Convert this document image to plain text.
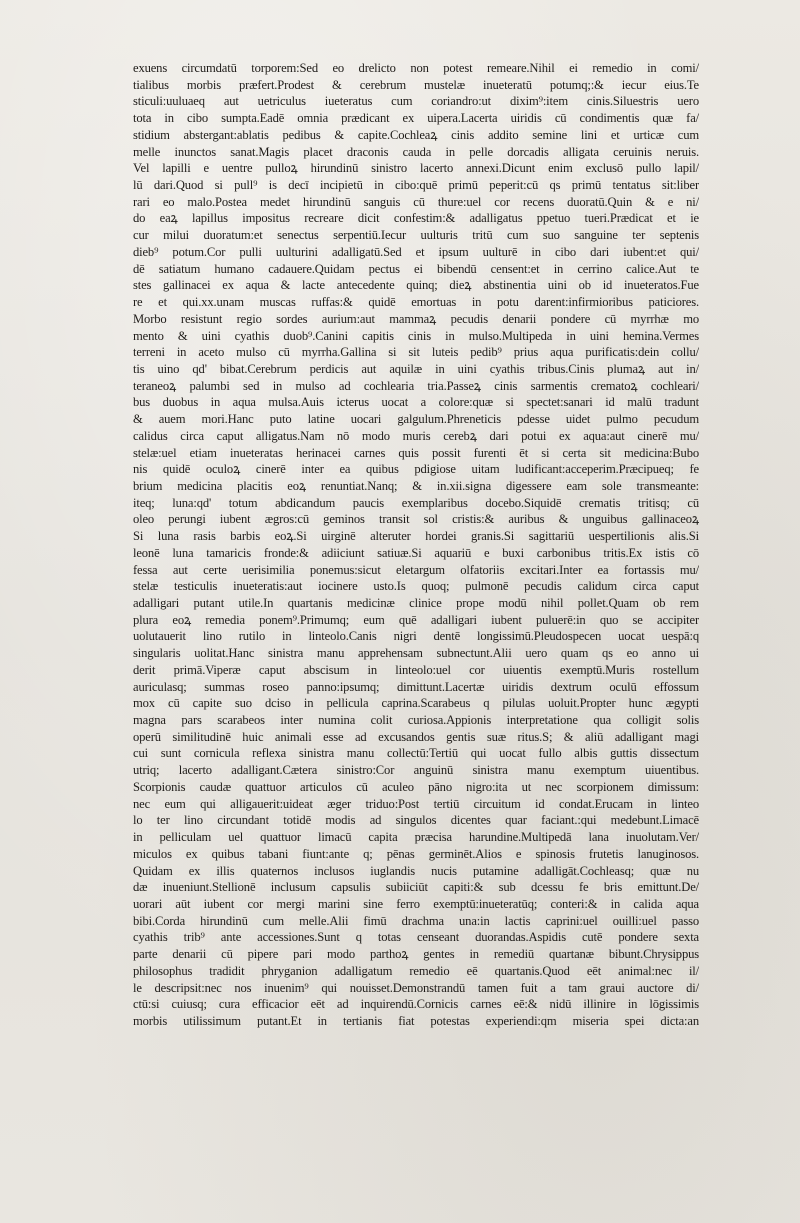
exuens circumdatū torporem:Sed eo drelicto non potest remeare.Nihil ei remedio in comi/
tialibus morbis præfert.Prodest & cerebrum mustelæ inueteratū potumq;:& iecur eius.Te
sticuli:uuluaeq aut uetriculus iueteratus cum coriandro:ut dixim⁹:item cinis.Siluestris uero
tota in cibo sumpta.Eadē omnia prædicant ex uipera.Lacerta uiridis cū condimentis quæ fa/
stidium abstergant:ablatis pedibus & capite.Cochleaꝝ cinis addito semine lini et urticæ cum
melle inunctos sanat.Magis placet draconis cauda in pelle dorcadis alligata ceruinis neruis.
Vel lapilli e uentre pulloꝝ hirundinū sinistro lacerto annexi.Dicunt enim exclusō pullo lapil/
lū dari.Quod si pull⁹ is decī incipietū in cibo:quē primū peperit:cū qs primū tentatus sit:liber
rari eo malo.Postea medet hirundinū sanguis cū thure:uel cor recens duoratū.Quin & e ni/
do eaꝝ lapillus impositus recreare dicit confestim:& adalligatus ppetuo tueri.Prædicat et ie
cur milui duoratum:et senectus serpentiū.Iecur uulturis tritū cum suo sanguine ter septenis
dieb⁹ potum.Cor pulli uulturini adalligatū.Sed et ipsum uulturē in cibo dari iubent:et qui/
dē satiatum humano cadauere.Quidam pectus ei bibendū censent:et in cerrino calice.Aut te
stes gallinacei ex aqua & lacte antecedente quinq; dieꝝ abstinentia uini ob id inueteratos.Fue
re et qui.xx.unam muscas ruffas:& quidē emortuas in potu darent:infirmioribus paticiores.
Morbo resistunt regio sordes aurium:aut mammaꝝ pecudis denarii pondere cū myrrhæ mo
mento & uini cyathis duob⁹.Canini capitis cinis in mulso.Multipeda in uini hemina.Vermes
terreni in aceto mulso cū myrrha.Gallina si sit luteis pedib⁹ prius aqua purificatis:dein collu/
tis uino qd' bibat.Cerebrum perdicis aut aquilæ in uini cyathis tribus.Cinis plumaꝝ aut in/
teraneoꝝ palumbi sed in mulso ad cochlearia tria.Passeꝝ cinis sarmentis crematoꝝ cochleari/
bus duobus in aqua mulsa.Auis icterus uocat a colore:quæ si spectet:sanari id malū tradunt
& auem mori.Hanc puto latine uocari galgulum.Phreneticis pdesse uidet pulmo pecudum
calidus circa caput alligatus.Nam nō modo muris cerebꝝ dari potui ex aqua:aut cinerē mu/
stelæ:uel etiam inueteratas herinacei carnes quis possit furenti ēt si certa sit medicina:Bubo
nis quidē oculoꝝ cinerē inter ea quibus pdigiose uitam ludificant:acceperim.Præcipueq; fe
brium medicina placitis eoꝝ renuntiat.Nanq; & in.xii.signa digessere eam sole transmeante:
iteq; luna:qd' totum abdicandum paucis exemplaribus docebo.Siquidē crematis tritisq; cū
oleo perungi iubent ægros:cū geminos transit sol cristis:& auribus & unguibus gallinaceoꝝ
Si luna rasis barbis eoꝝ.Si uirginē alteruter hordei granis.Si sagittariū uespertilionis alis.Si
leonē luna tamaricis fronde:& adiiciunt satiuæ.Si aquariū e buxi carbonibus tritis.Ex istis cō
fessa aut certe uerisimilia ponemus:sicut eletargum olfatoriis excitari.Inter ea fortassis mu/
stelæ testiculis inueteratis:aut iocinere usto.Is quoq; pulmonē pecudis calidum circa caput
adalligari putant utile.In quartanis medicinæ clinice prope modū nihil pollet.Quam ob rem
plura eoꝝ remedia ponem⁹.Primumq; eum quē adalligari iubent puluerē:in quo se accipiter
uolutauerit lino rutilo in linteolo.Canis nigri dentē longissimū.Pleudospecen uocat uespā:q
singularis uolitat.Hanc sinistra manu apprehensam subnectunt.Alii uero quam qs eo anno ui
derit primā.Viperæ caput abscisum in linteolo:uel cor uiuentis exemptū.Muris rostellum
auriculasq; summas roseo panno:ipsumq; dimittunt.Lacertæ uiridis dextrum oculū effossum
mox cū capite suo dciso in pellicula caprina.Scarabeus q pilulas uoluit.Propter hunc ægypti
magna pars scarabeos inter numina colit curiosa.Appionis interpretatione qua colligit solis
operū similitudinē huic animali esse ad excusandos gentis suæ ritus.S; & aliū adalligant magi
cui sunt cornicula reflexa sinistra manu collectū:Tertiū qui uocat fullo albis guttis dissectum
utriq; lacerto adalligant.Cætera sinistro:Cor anguinū sinistra manu exemptum uiuentibus.
Scorpionis caudæ quattuor articulos cū aculeo pāno nigro:ita ut nec scorpionem dimissum:
nec eum qui alligauerit:uideat æger triduo:Post tertiū circuitum id condat.Erucam in linteo
lo ter lino circundant totidē modis ad singulos dicentes quar faciant.:qui medebunt.Limacē
in pelliculam uel quattuor limacū capita præcisa harundine.Multipedā lana inuolutam.Ver/
miculos ex quibus tabani fiunt:ante q; pēnas germinēt.Alios e spinosis frutetis lanuginosos.
Quidam ex illis quaternos inclusos iuglandis nucis putamine adalligāt.Cochleasq; quæ nu
dæ inueniunt.Stellionē inclusum capsulis subiiciūt capiti:& sub dcessu fe bris emittunt.De/
uorari aūt iubent cor mergi marini sine ferro exemptū:inueteratūq; conteri:& in calida aqua
bibi.Corda hirundinū cum melle.Alii fimū drachma una:in lactis caprini:uel ouilli:uel passo
cyathis trib⁹ ante accessiones.Sunt q totas censeant duorandas.Aspidis cutē pondere sexta
parte denarii cū pipere pari modo parthoꝝ gentes in remediū quartanæ bibunt.Chrysippus
philosophus tradidit phryganion adalligatum remedio eē quartanis.Quod eēt animal:nec il/
le descripsit:nec nos inuenim⁹ qui nouisset.Demonstrandū tamen fuit a tam graui auctore di/
ctū:si cuiusq; cura efficacior eēt ad inquirendū.Cornicis carnes eē:& nidū illinire in lōgissimis
morbis utilissimum putant.Et in tertianis fiat potestas experiendi:qm miseria spei dicta:an
